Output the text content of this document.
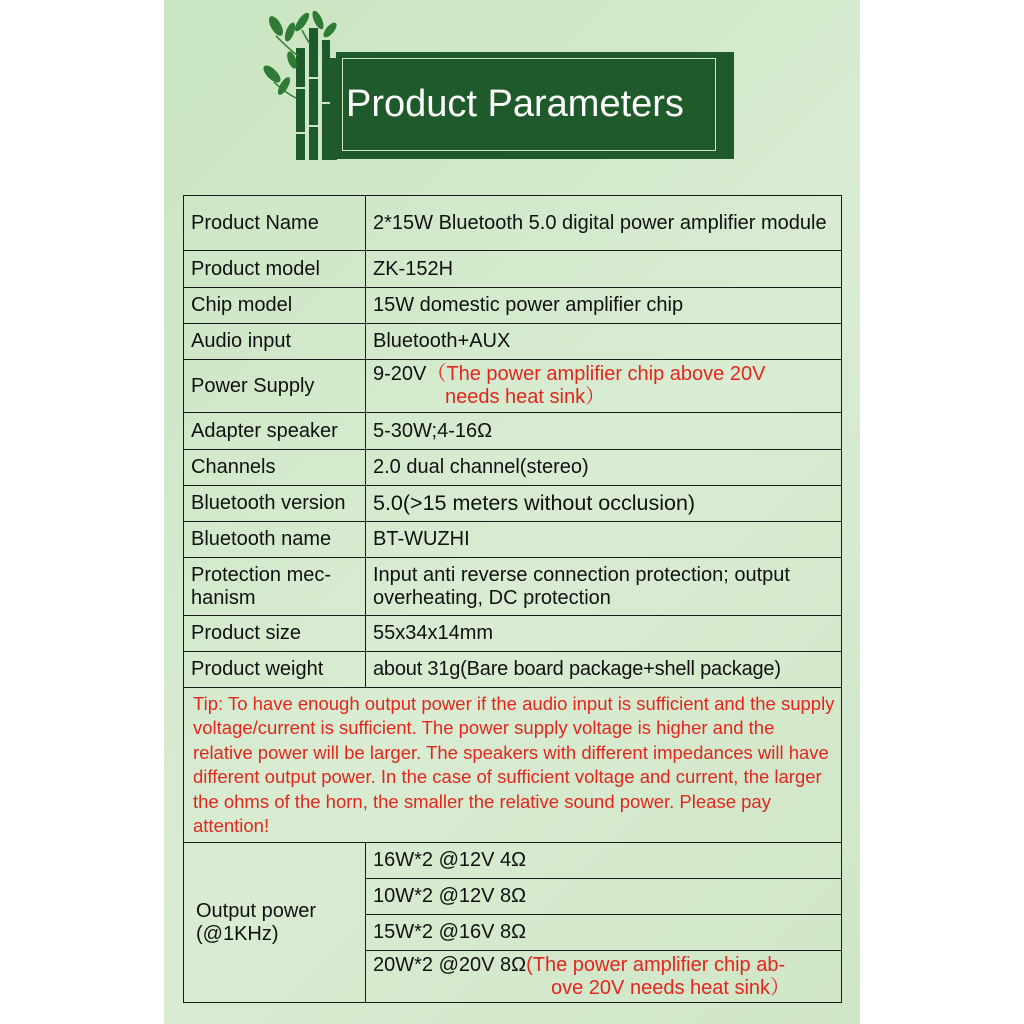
Product Parameters
Product Name	2*15W Bluetooth 5.0 digital power amplifier module
Product model	ZK-152H
Chip model	15W domestic power amplifier chip
Audio input	Bluetooth+AUX
Power Supply	9-20V（The power amplifier chip above 20V
needs heat sink）

Adapter speaker	5-30W;4-16Ω
Channels	2.0 dual channel(stereo)
Bluetooth version	5.0(>15 meters without occlusion)
Bluetooth name	BT-WUZHI

Protection mec-
hanism	Input anti reverse connection protection; output overheating, DC protection
Product size	55x34x14mm
Product weight	about 31g(Bare board package+shell package)
Tip: To have enough output power if the audio input is sufficient and the supply voltage/current is sufficient. The power supply voltage is higher and the relative power will be larger. The speakers with different impedances will have different output power. In the case of sufficient voltage and current, the larger the ohms of the horn, the smaller the relative sound power. Please pay attention!	

Output power
(@1KHz)	16W*2 @12V 4Ω
	10W*2 @12V 8Ω
	15W*2 @16V 8Ω

	20W*2 @20V 8Ω(The power amplifier chip ab-
ove 20V needs heat sink）
